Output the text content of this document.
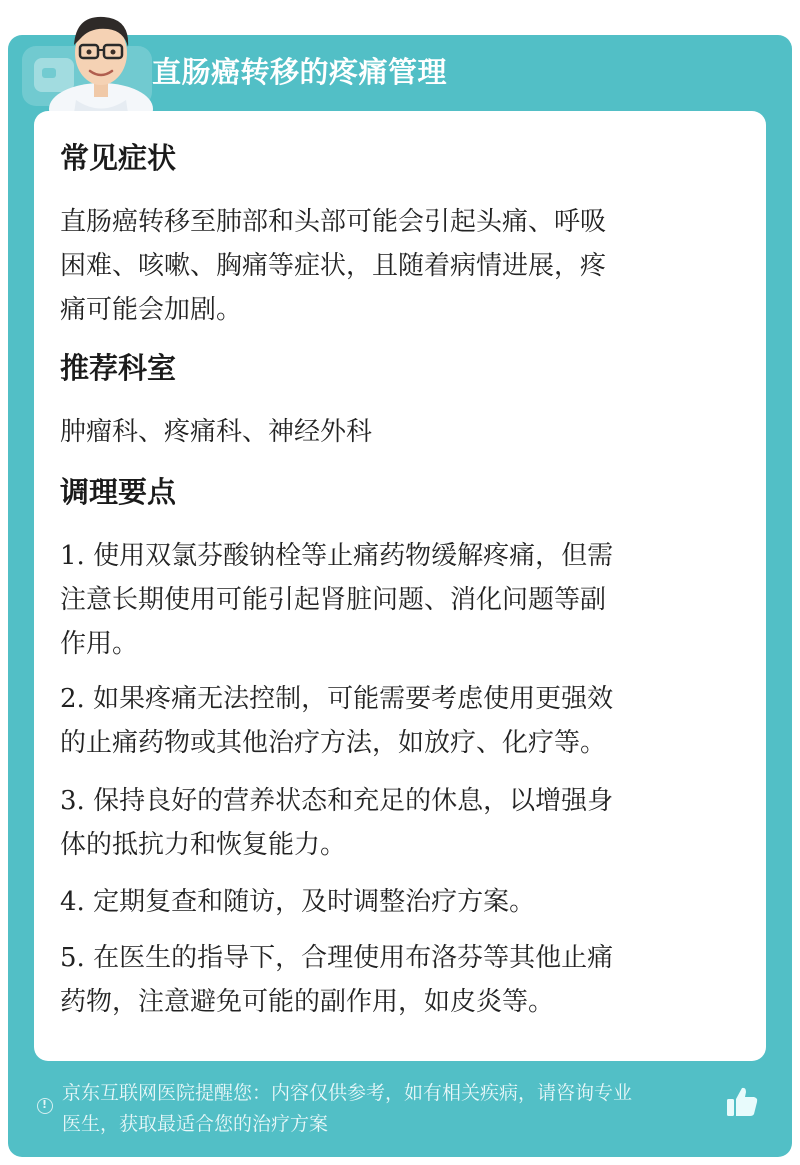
直肠癌转移的疼痛管理
常见症状

直肠癌转移至肺部和头部可能会引起头痛、呼吸
困难、咳嗽、胸痛等症状，且随着病情进展，疼
痛可能会加剧。

推荐科室

肿瘤科、疼痛科、神经外科

调理要点

1. 使用双氯芬酸钠栓等止痛药物缓解疼痛，但需
注意长期使用可能引起肾脏问题、消化问题等副
作用。

2. 如果疼痛无法控制，可能需要考虑使用更强效
的止痛药物或其他治疗方法，如放疗、化疗等。

3. 保持良好的营养状态和充足的休息，以增强身
体的抵抗力和恢复能力。

4. 定期复查和随访，及时调整治疗方案。

5. 在医生的指导下，合理使用布洛芬等其他止痛
药物，注意避免可能的副作用，如皮炎等。

!

京东互联网医院提醒您：内容仅供参考，如有相关疾病，请咨询专业
医生，获取最适合您的治疗方案
